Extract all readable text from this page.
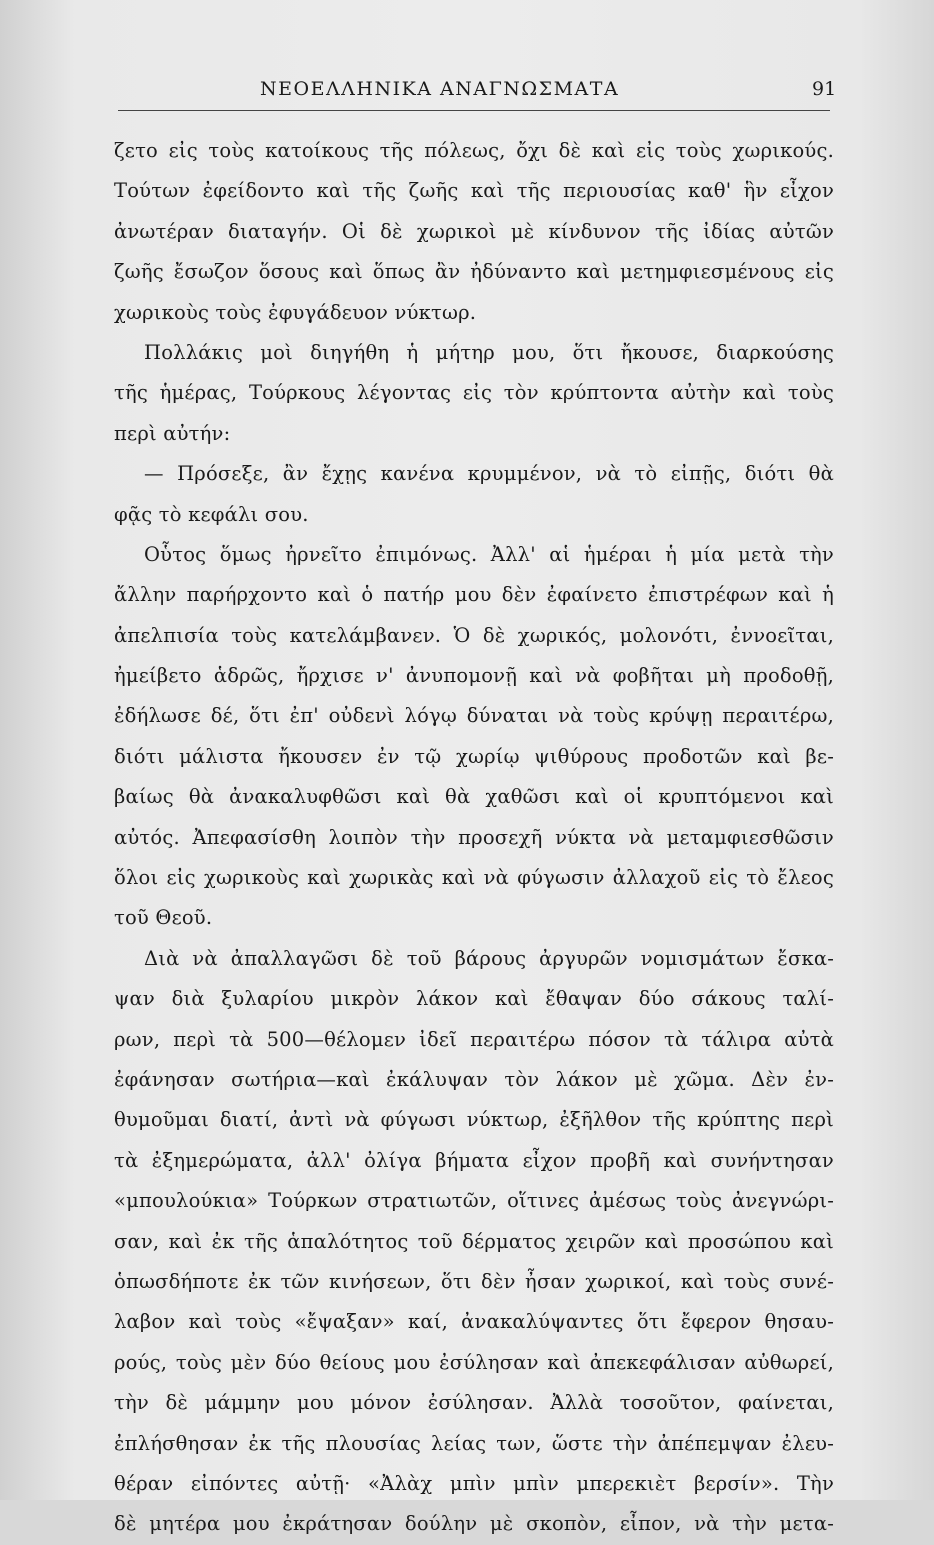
ΝΕΟΕΛΛΗΝΙΚΑ ΑΝΑΓΝΩΣΜΑΤΑ	91
ζετο εἰς τοὺς κατοίκους τῆς πόλεως, ὄχι δὲ καὶ εἰς τοὺς χωρικούς.
Τούτων ἐφείδοντο καὶ τῆς ζωῆς καὶ τῆς περιουσίας καθ' ἣν εἶχον
ἀνωτέραν διαταγήν. Οἱ δὲ χωρικοὶ μὲ κίνδυνον τῆς ἰδίας αὐτῶν
ζωῆς ἔσωζον ὅσους καὶ ὅπως ἂν ἠδύναντο καὶ μετημφιεσμένους εἰς
χωρικοὺς τοὺς ἐφυγάδευον νύκτωρ.
Πολλάκις μοὶ διηγήθη ἡ μήτηρ μου, ὅτι ἤκουσε, διαρκούσης
τῆς ἡμέρας, Τούρκους λέγοντας εἰς τὸν κρύπτοντα αὐτὴν καὶ τοὺς
περὶ αὐτήν:
— Πρόσεξε, ἂν ἔχῃς κανένα κρυμμένον, νὰ τὸ εἰπῇς, διότι θὰ
φᾷς τὸ κεφάλι σου.
Οὗτος ὅμως ἠρνεῖτο ἐπιμόνως. Ἀλλ' αἱ ἡμέραι ἡ μία μετὰ τὴν
ἄλλην παρήρχοντο καὶ ὁ πατήρ μου δὲν ἐφαίνετο ἐπιστρέφων καὶ ἡ
ἀπελπισία τοὺς κατελάμβανεν. Ὁ δὲ χωρικός, μολονότι, ἐννοεῖται,
ἠμείβετο ἁδρῶς, ἤρχισε ν' ἀνυπομονῇ καὶ νὰ φοβῆται μὴ προδοθῇ,
ἐδήλωσε δέ, ὅτι ἐπ' οὐδενὶ λόγῳ δύναται νὰ τοὺς κρύψῃ περαιτέρω,
διότι μάλιστα ἤκουσεν ἐν τῷ χωρίῳ ψιθύρους προδοτῶν καὶ βε-
βαίως θὰ ἀνακαλυφθῶσι καὶ θὰ χαθῶσι καὶ οἱ κρυπτόμενοι καὶ
αὐτός. Ἀπεφασίσθη λοιπὸν τὴν προσεχῆ νύκτα νὰ μεταμφιεσθῶσιν
ὅλοι εἰς χωρικοὺς καὶ χωρικὰς καὶ νὰ φύγωσιν ἀλλαχοῦ εἰς τὸ ἔλεος
τοῦ Θεοῦ.
Διὰ νὰ ἀπαλλαγῶσι δὲ τοῦ βάρους ἀργυρῶν νομισμάτων ἔσκα-
ψαν διὰ ξυλαρίου μικρὸν λάκον καὶ ἔθαψαν δύο σάκους ταλί-
ρων, περὶ τὰ 500—θέλομεν ἰδεῖ περαιτέρω πόσον τὰ τάλιρα αὐτὰ
ἐφάνησαν σωτήρια—καὶ ἐκάλυψαν τὸν λάκον μὲ χῶμα. Δὲν ἐν-
θυμοῦμαι διατί, ἀντὶ νὰ φύγωσι νύκτωρ, ἐξῆλθον τῆς κρύπτης περὶ
τὰ ἐξημερώματα, ἀλλ' ὀλίγα βήματα εἶχον προβῆ καὶ συνήντησαν
«μπουλούκια» Τούρκων στρατιωτῶν, οἵτινες ἀμέσως τοὺς ἀνεγνώρι-
σαν, καὶ ἐκ τῆς ἁπαλότητος τοῦ δέρματος χειρῶν καὶ προσώπου καὶ
ὁπωσδήποτε ἐκ τῶν κινήσεων, ὅτι δὲν ἦσαν χωρικοί, καὶ τοὺς συνέ-
λαβον καὶ τοὺς «ἔψαξαν» καί, ἀνακαλύψαντες ὅτι ἔφερον θησαυ-
ρούς, τοὺς μὲν δύο θείους μου ἐσύλησαν καὶ ἀπεκεφάλισαν αὐθωρεί,
τὴν δὲ μάμμην μου μόνον ἐσύλησαν. Ἀλλὰ τοσοῦτον, φαίνεται,
ἐπλήσθησαν ἐκ τῆς πλουσίας λείας των, ὥστε τὴν ἀπέπεμψαν ἐλευ-
θέραν εἰπόντες αὐτῇ· «Ἀλὰχ μπὶν μπὶν μπερεκιὲτ βερσίν». Τὴν
δὲ μητέρα μου ἐκράτησαν δούλην μὲ σκοπὸν, εἶπον, νὰ τὴν μετα-
